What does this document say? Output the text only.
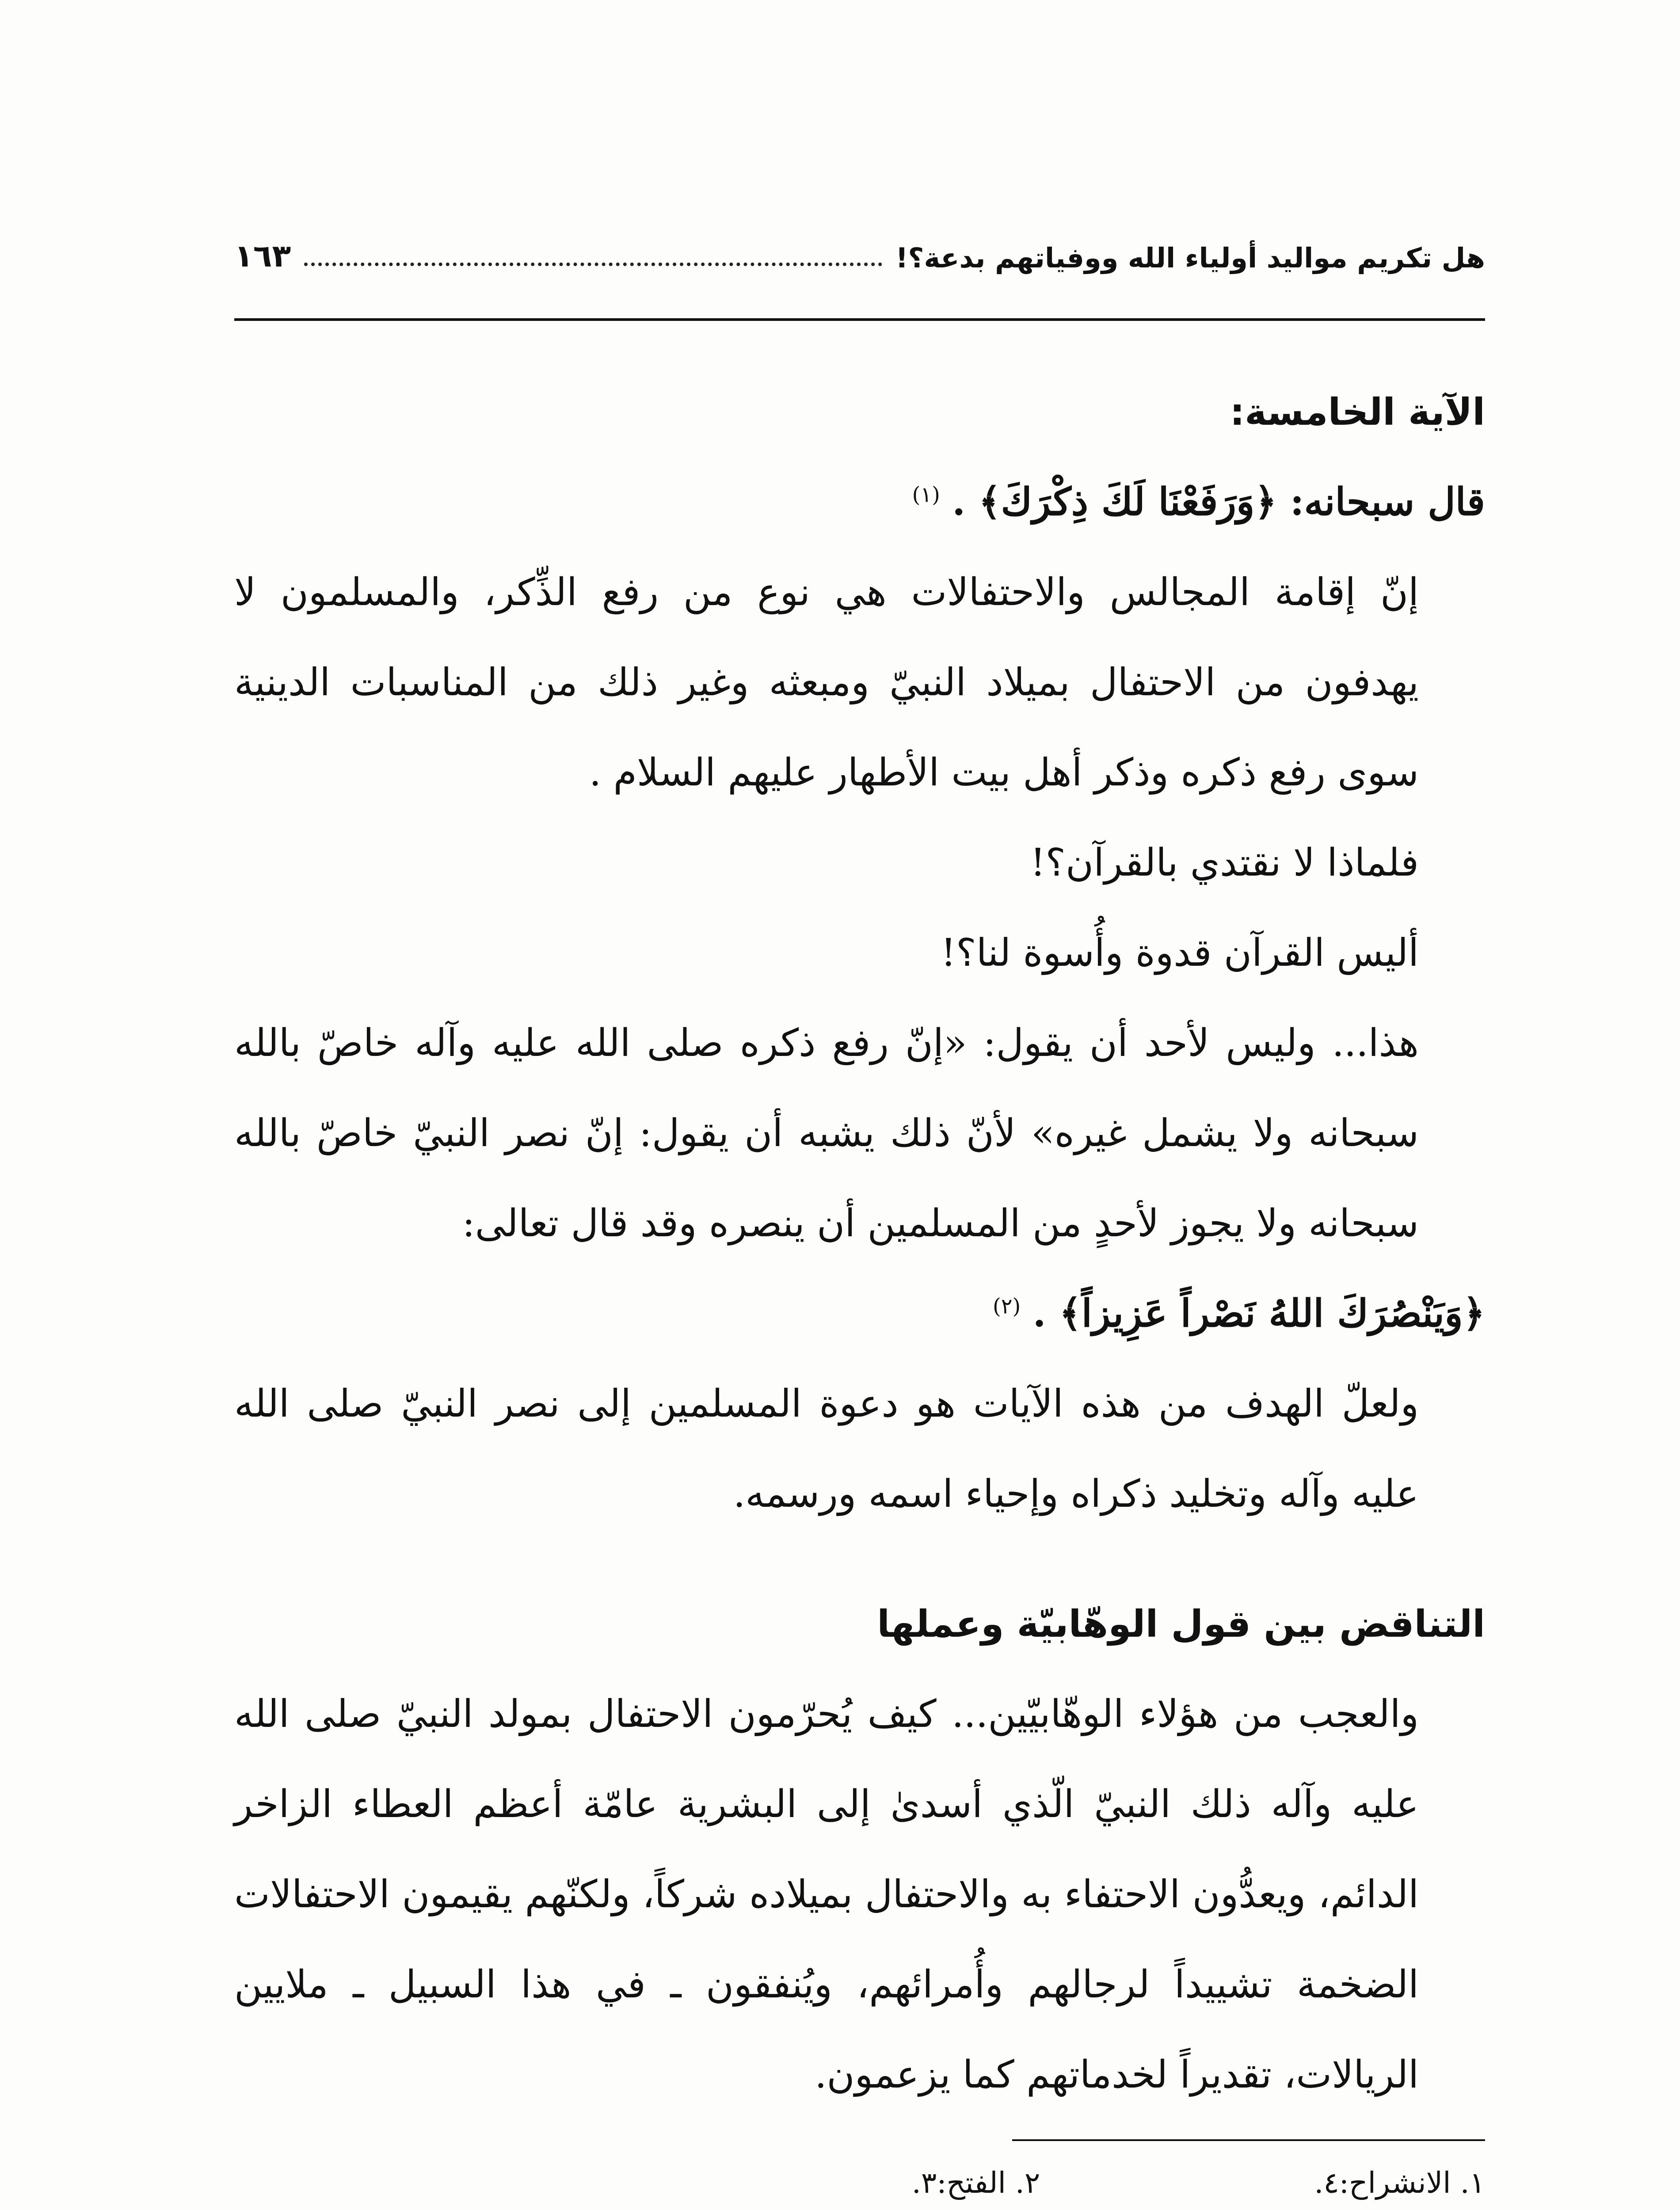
هل تكريم مواليد أولياء الله ووفياتهم بدعة؟!
١٦٣

الآية الخامسة:

قال سبحانه: ﴿وَرَفَعْنَا لَكَ ذِكْرَكَ﴾ . $^{(١)}$

إنّ إقامة المجالس والاحتفالات هي نوع من رفع الذِّكر، والمسلمون لا يهدفون من الاحتفال بميلاد النبيّ ومبعثه وغير ذلك من المناسبات الدينية سوى رفع ذكره وذكر أهل بيت الأطهار عليهم السلام .

فلماذا لا نقتدي بالقرآن؟!

أليس القرآن قدوة وأُسوة لنا؟!

هذا... وليس لأحد أن يقول: «إنّ رفع ذكره صلى الله عليه وآله خاصّ بالله سبحانه ولا يشمل غيره» لأنّ ذلك يشبه أن يقول: إنّ نصر النبيّ خاصّ بالله سبحانه ولا يجوز لأحدٍ من المسلمين أن ينصره وقد قال تعالى:

﴿وَيَنْصُرَكَ اللهُ نَصْراً عَزِيزاً﴾ . $^{(٢)}$

ولعلّ الهدف من هذه الآيات هو دعوة المسلمين إلى نصر النبيّ صلى الله عليه وآله وتخليد ذكراه وإحياء اسمه ورسمه.

التناقض بين قول الوهّابيّة وعملها

والعجب من هؤلاء الوهّابيّين... كيف يُحرّمون الاحتفال بمولد النبيّ صلى الله عليه وآله ذلك النبيّ الّذي أسدىٰ إلى البشرية عامّة أعظم العطاء الزاخر الدائم، ويعدُّون الاحتفاء به والاحتفال بميلاده شركاً، ولكنّهم يقيمون الاحتفالات الضخمة تشييداً لرجالهم وأُمرائهم، ويُنفقون ـ في هذا السبيل ـ ملايين الريالات، تقديراً لخدماتهم كما يزعمون.

١. الانشراح:٤.
٢. الفتح:٣.
